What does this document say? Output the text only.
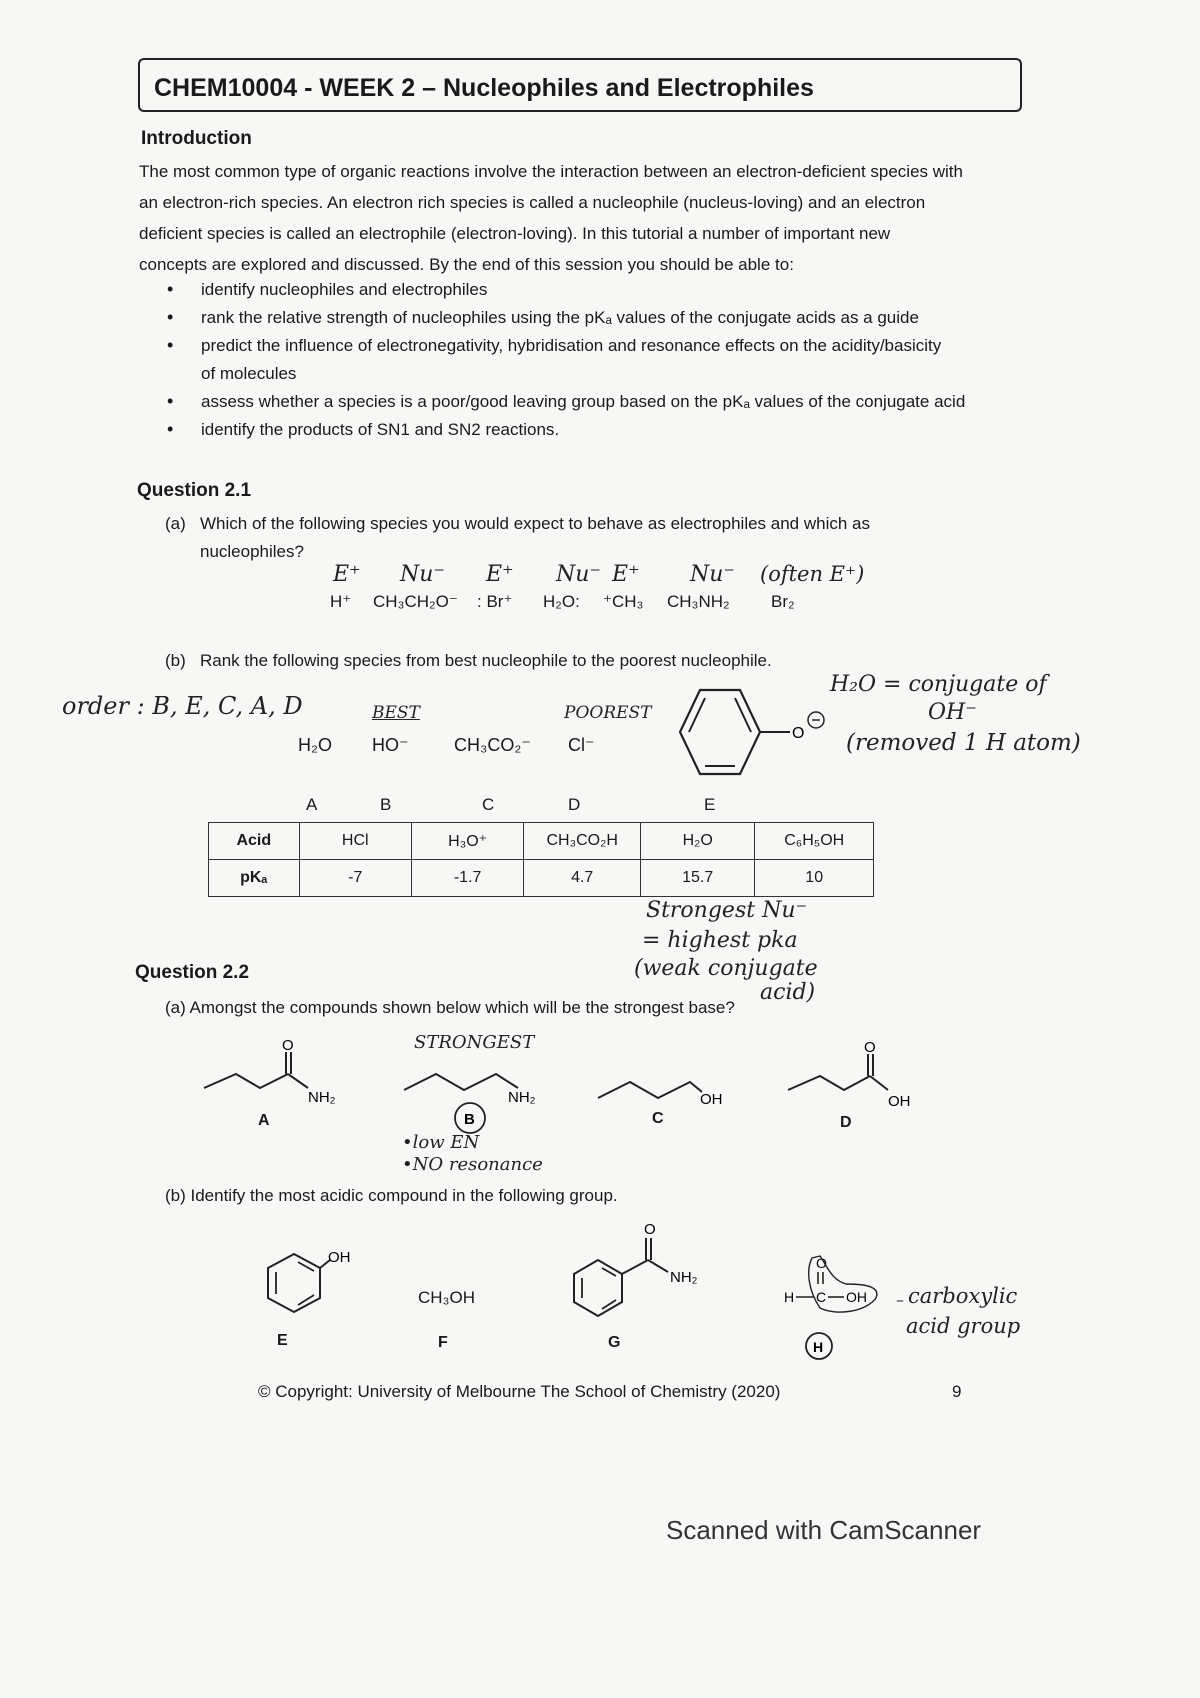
CHEM10004 - WEEK 2 – Nucleophiles and Electrophiles
Introduction
The most common type of organic reactions involve the interaction between an electron-deficient species with
an electron-rich species. An electron rich species is called a nucleophile (nucleus-loving) and an electron
deficient species is called an electrophile (electron-loving). In this tutorial a number of important new
concepts are explored and discussed. By the end of this session you should be able to:
• identify nucleophiles and electrophiles
• rank the relative strength of nucleophiles using the pKₐ values of the conjugate acids as a guide
• predict the influence of electronegativity, hybridisation and resonance effects on the acidity/basicity
of molecules
• assess whether a species is a poor/good leaving group based on the pKₐ values of the conjugate acid
• identify the products of SN1 and SN2 reactions.
Question 2.1
(a) Which of the following species you would expect to behave as electrophiles and which as
nucleophiles?
E⁺ Nu⁻ E⁺ Nu⁻ E⁺ Nu⁻ (often E⁺)
H⁺ CH₃CH₂O⁻ : Br⁺ H₂O: ⁺CH₃ CH₃NH₂ Br₂
(b) Rank the following species from best nucleophile to the poorest nucleophile.
order : B, E, C, A, D	BEST	POOREST
H₂O = conjugate of
OH⁻
(removed 1 H atom)
H₂O HO⁻	CH₃CO₂⁻ Cl⁻
O
A	B	C	D	E
Acid	HCl	H₃O⁺	CH₃CO₂H	H₂O	C₆H₅OH
pKₐ	-7	-1.7	4.7	15.7	10
Strongest Nu⁻
= highest pka
(weak conjugate
acid)
Question 2.2
(a) Amongst the compounds shown below which will be the strongest base?
STRONGEST
O
NH₂
A
NH₂
B
•low EN
•NO resonance
OH
C
O
OH
D
(b) Identify the most acidic compound in the following group.
OH
E
CH₃OH
F
O
NH₂
G
O
H C OH
H
– carboxylic
acid group
© Copyright: University of Melbourne The School of Chemistry (2020)	9
Scanned with CamScanner
